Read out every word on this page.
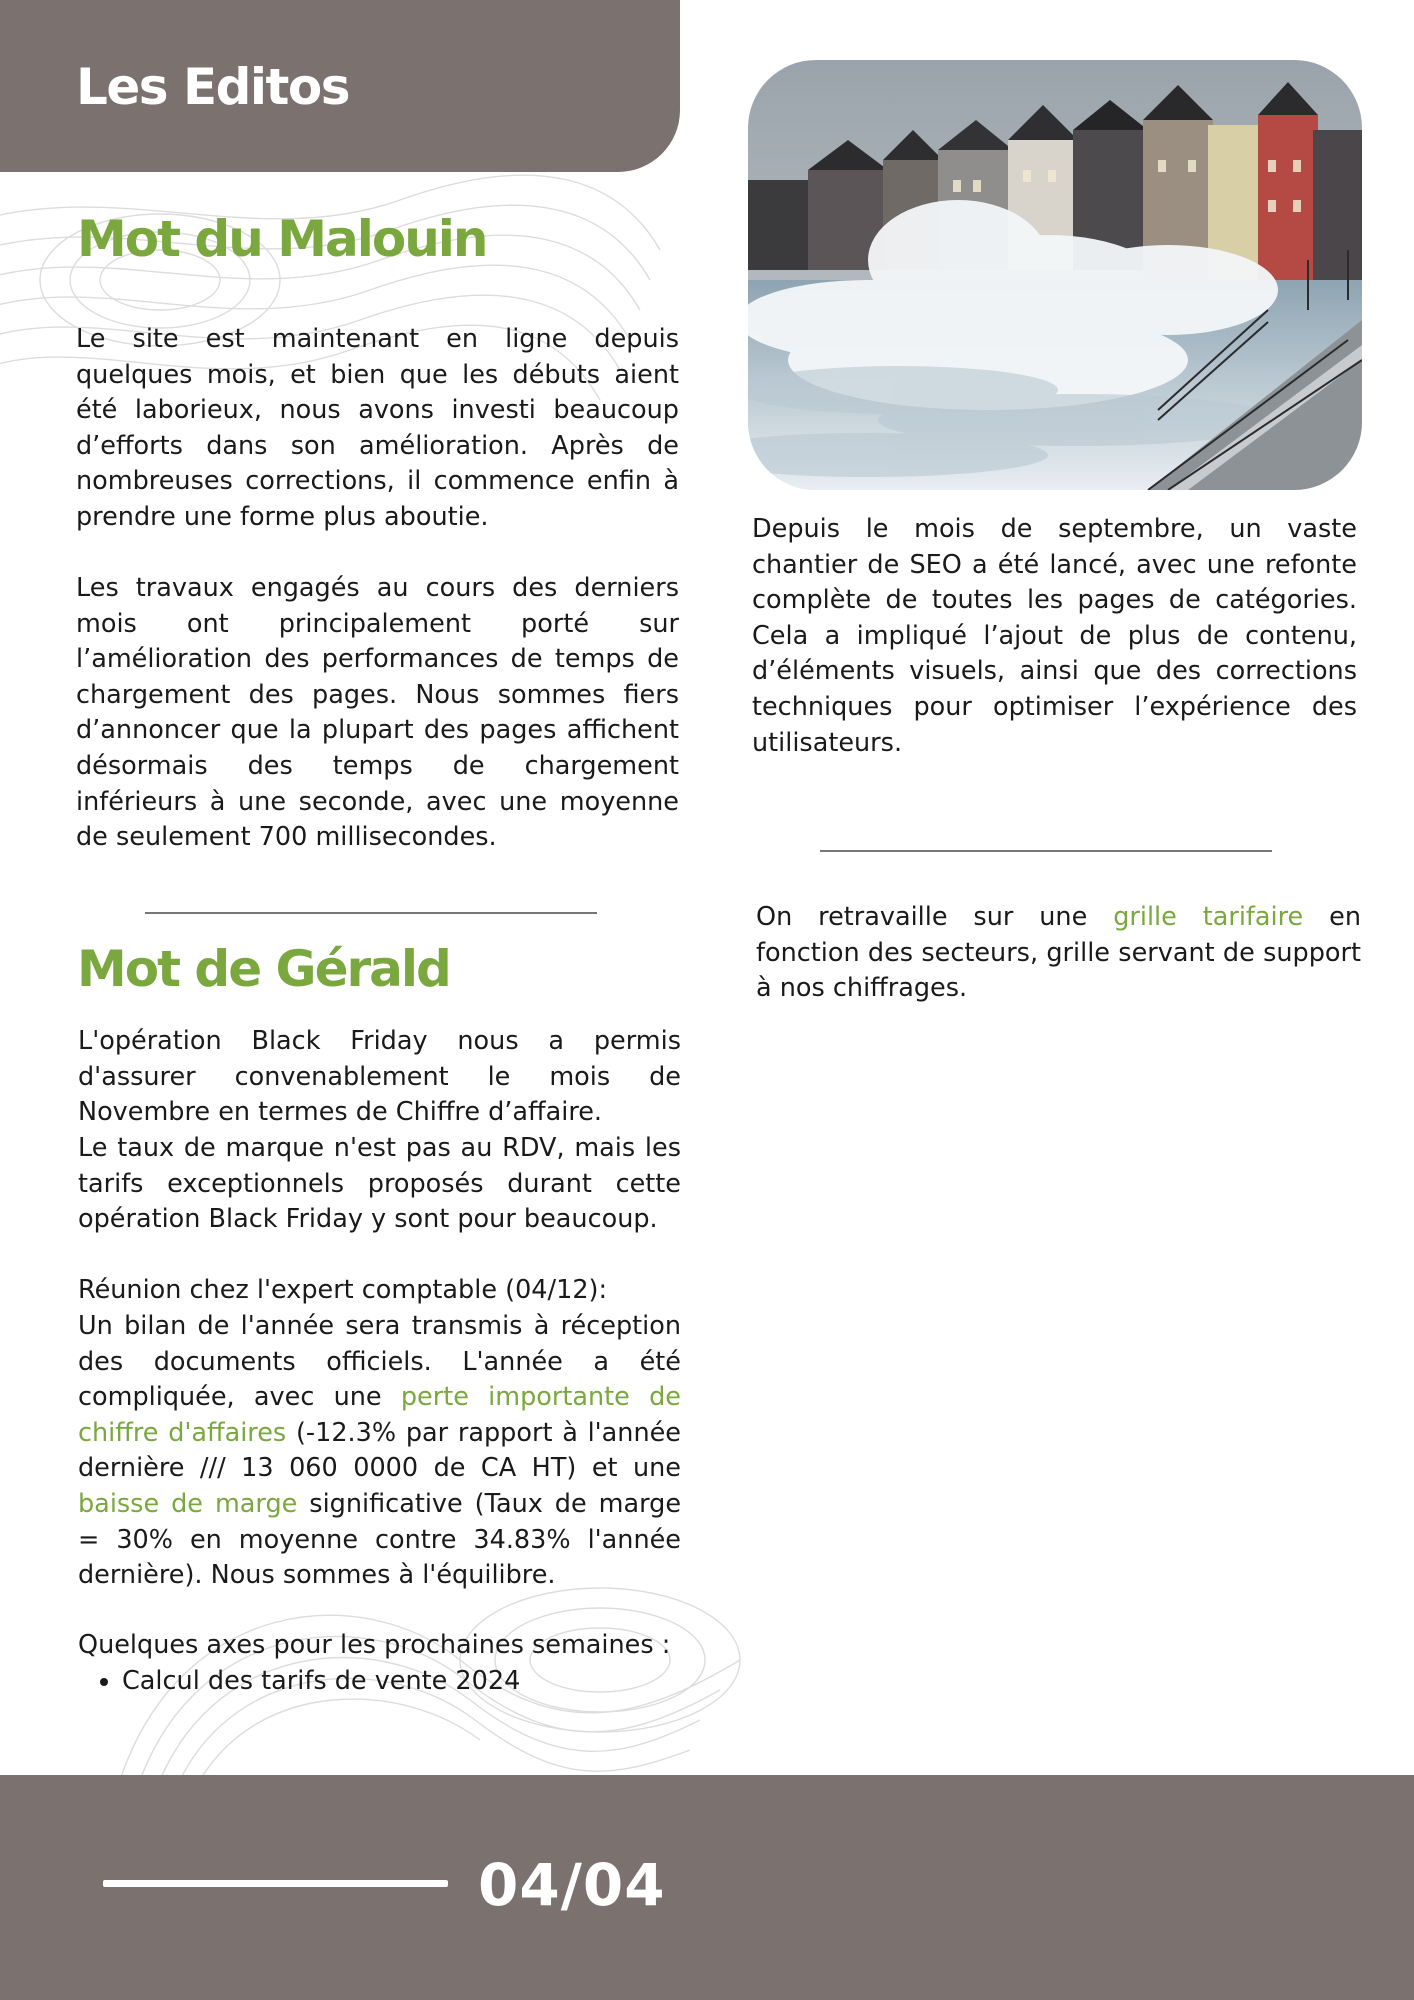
Les Editos
Mot du Malouin

Le site est maintenant en ligne depuis quelques mois, et bien que les débuts aient été laborieux, nous avons investi beaucoup d’efforts dans son amélioration. Après de nombreuses corrections, il commence enfin à prendre une forme plus aboutie.

Les travaux engagés au cours des derniers mois ont principalement porté sur l’amélioration des performances de temps de chargement des pages. Nous sommes fiers d’annoncer que la plupart des pages affichent désormais des temps de chargement inférieurs à une seconde, avec une moyenne de seulement 700 millisecondes.

Depuis le mois de septembre, un vaste chantier de SEO a été lancé, avec une refonte complète de toutes les pages de catégories. Cela a impliqué l’ajout de plus de contenu, d’éléments visuels, ainsi que des corrections techniques pour optimiser l’expérience des utilisateurs.

On retravaille sur une grille tarifaire en fonction des secteurs, grille servant de support à nos chiffrages.

Mot de Gérald

L'opération Black Friday nous a permis d'assurer convenablement le mois de Novembre en termes de Chiffre d’affaire.

Le taux de marque n'est pas au RDV, mais les tarifs exceptionnels proposés durant cette opération Black Friday y sont pour beaucoup.

Réunion chez l'expert comptable (04/12):

Un bilan de l'année sera transmis à réception des documents officiels. L'année a été compliquée, avec une perte importante de chiffre d'affaires (-12.3% par rapport à l'année dernière /// 13 060 0000 de CA HT) et une baisse de marge significative (Taux de marge = 30% en moyenne contre 34.83% l'année dernière). Nous sommes à l'équilibre.

Quelques axes pour les prochaines semaines :

• Calcul des tarifs de vente 2024

04/04
